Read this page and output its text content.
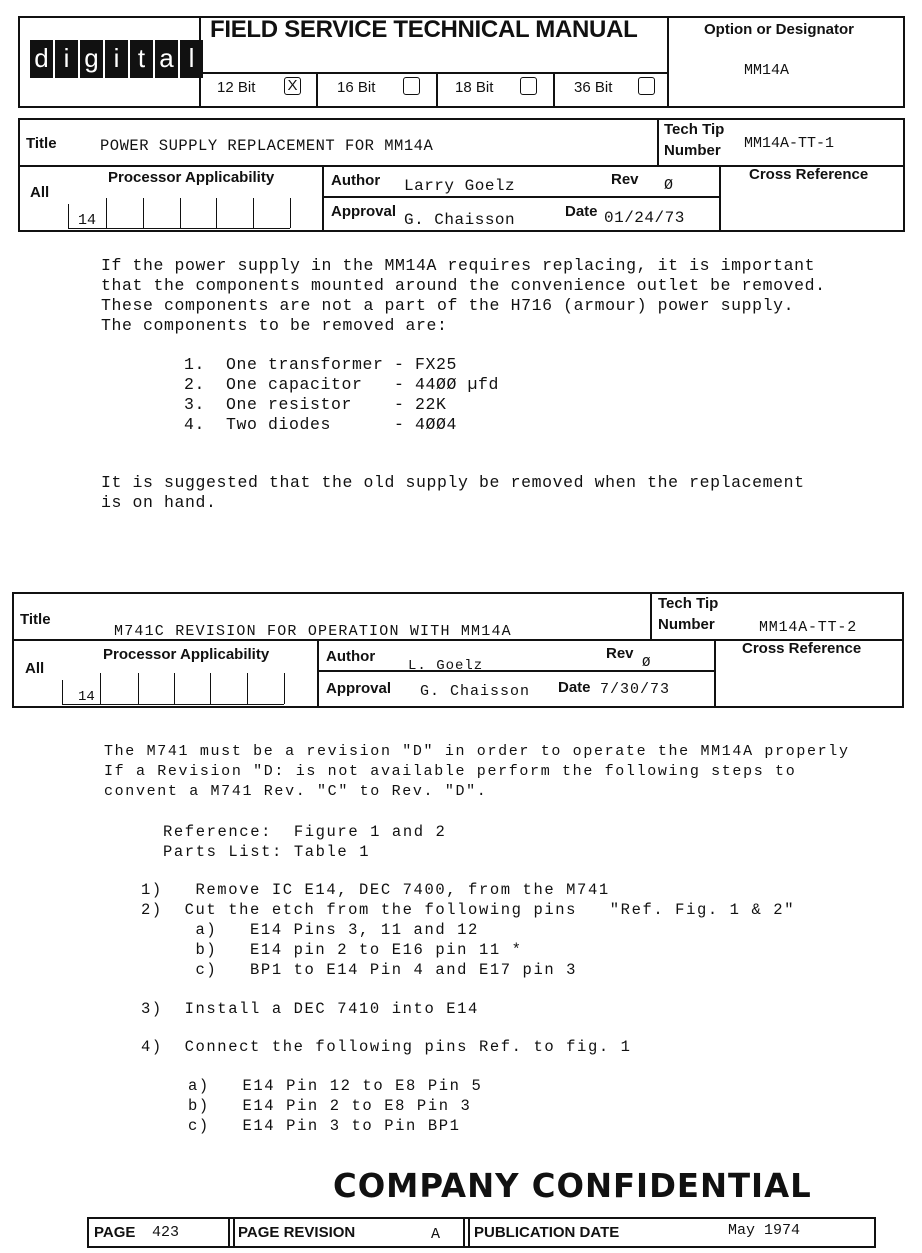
d i g i t a l
FIELD SERVICE TECHNICAL MANUAL
12 Bit X	16 Bit	18 Bit	36 Bit
Option or Designator
MM14A
Title	POWER SUPPLY REPLACEMENT FOR MM14A
Tech Tip
Number MM14A-TT-1
All
Processor Applicability
14
Author Larry Goelz	Rev Ø
Approval G. Chaisson	Date 01/24/73
Cross Reference
If the power supply in the MM14A requires replacing, it is important
that the components mounted around the convenience outlet be removed.
These components are not a part of the H716 (armour) power supply.
The components to be removed are:
1.  One transformer - FX25
2.  One capacitor   - 44ØØ µfd
3.  One resistor    - 22K
4.  Two diodes      - 4ØØ4
It is suggested that the old supply be removed when the replacement
is on hand.
Title
M741C REVISION FOR OPERATION WITH MM14A
Tech Tip
Number	MM14A-TT-2
All
Processor Applicability
14
Author
L. Goelz
Rev
Ø
Approval G. Chaisson Date 7/30/73
Cross Reference
The M741 must be a revision "D" in order to operate the MM14A properly
If a Revision "D: is not available perform the following steps to
convent a M741 Rev. "C" to Rev. "D".
Reference:  Figure 1 and 2
Parts List: Table 1
1)   Remove IC E14, DEC 7400, from the M741
2)  Cut the etch from the following pins   "Ref. Fig. 1 & 2"
a)   E14 Pins 3, 11 and 12
b)   E14 pin 2 to E16 pin 11 *
c)   BP1 to E14 Pin 4 and E17 pin 3
3)  Install a DEC 7410 into E14
4)  Connect the following pins Ref. to fig. 1
a)   E14 Pin 12 to E8 Pin 5
b)   E14 Pin 2 to E8 Pin 3
c)   E14 Pin 3 to Pin BP1
COMPANY CONFIDENTIAL
PAGE 423	PAGE REVISION	A PUBLICATION DATE	May 1974
